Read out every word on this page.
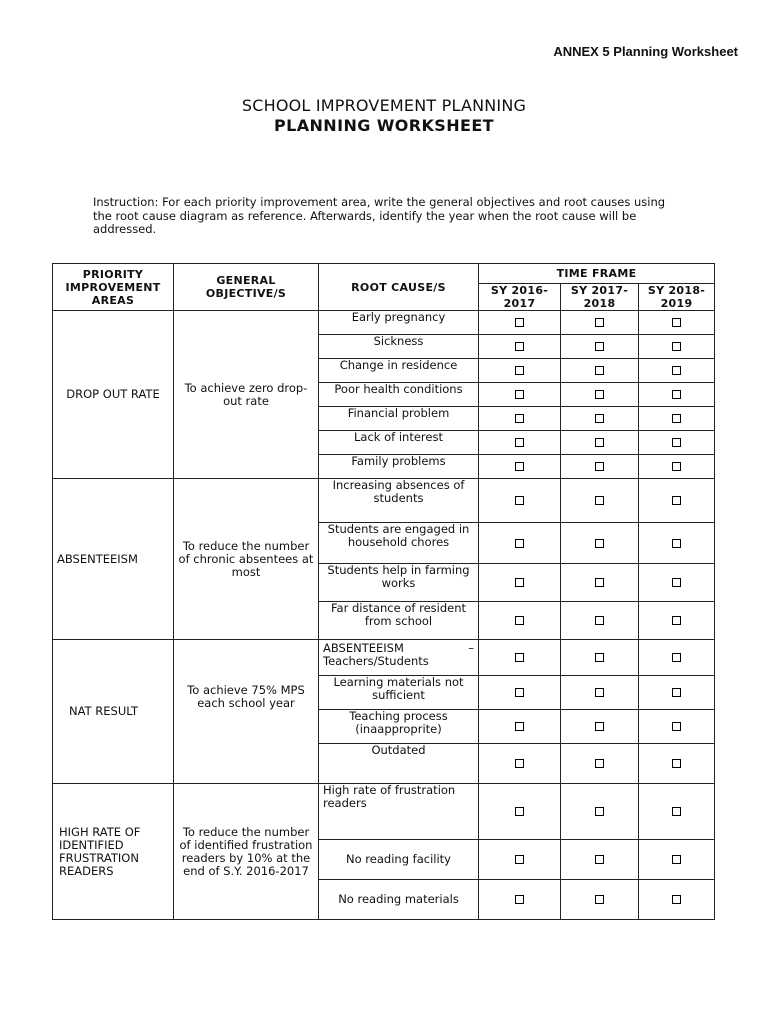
ANNEX 5 Planning Worksheet
SCHOOL IMPROVEMENT PLANNING
PLANNING WORKSHEET
Instruction: For each priority improvement area, write the general objectives and root causes using the root cause diagram as reference. Afterwards, identify the year when the root cause will be addressed.
PRIORITY IMPROVEMENT AREAS	GENERAL OBJECTIVE/S	ROOT CAUSE/S	TIME FRAME		
			SY 2016-2017	SY 2017-2018	SY 2018-2019
DROP OUT RATE	To achieve zero drop-out rate	Early pregnancy			
		Sickness			
		Change in residence			
		Poor health conditions			
		Financial problem			
		Lack of interest			
		Family problems			
ABSENTEEISM	To reduce the number of chronic absentees at most	Increasing absences of students			
		Students are engaged in household chores			
		Students help in farming works			
		Far distance of resident from school			
NAT RESULT	To achieve 75% MPS each school year	ABSENTEEISM –
Teachers/Students			

		Learning materials not sufficient			
		Teaching process (inaapproprite)			
		Outdated			
HIGH RATE OF IDENTIFIED FRUSTRATION READERS	To reduce the number of identified frustration readers by 10% at the end of S.Y. 2016-2017	High rate of frustration readers			
		No reading facility			
		No reading materials			
